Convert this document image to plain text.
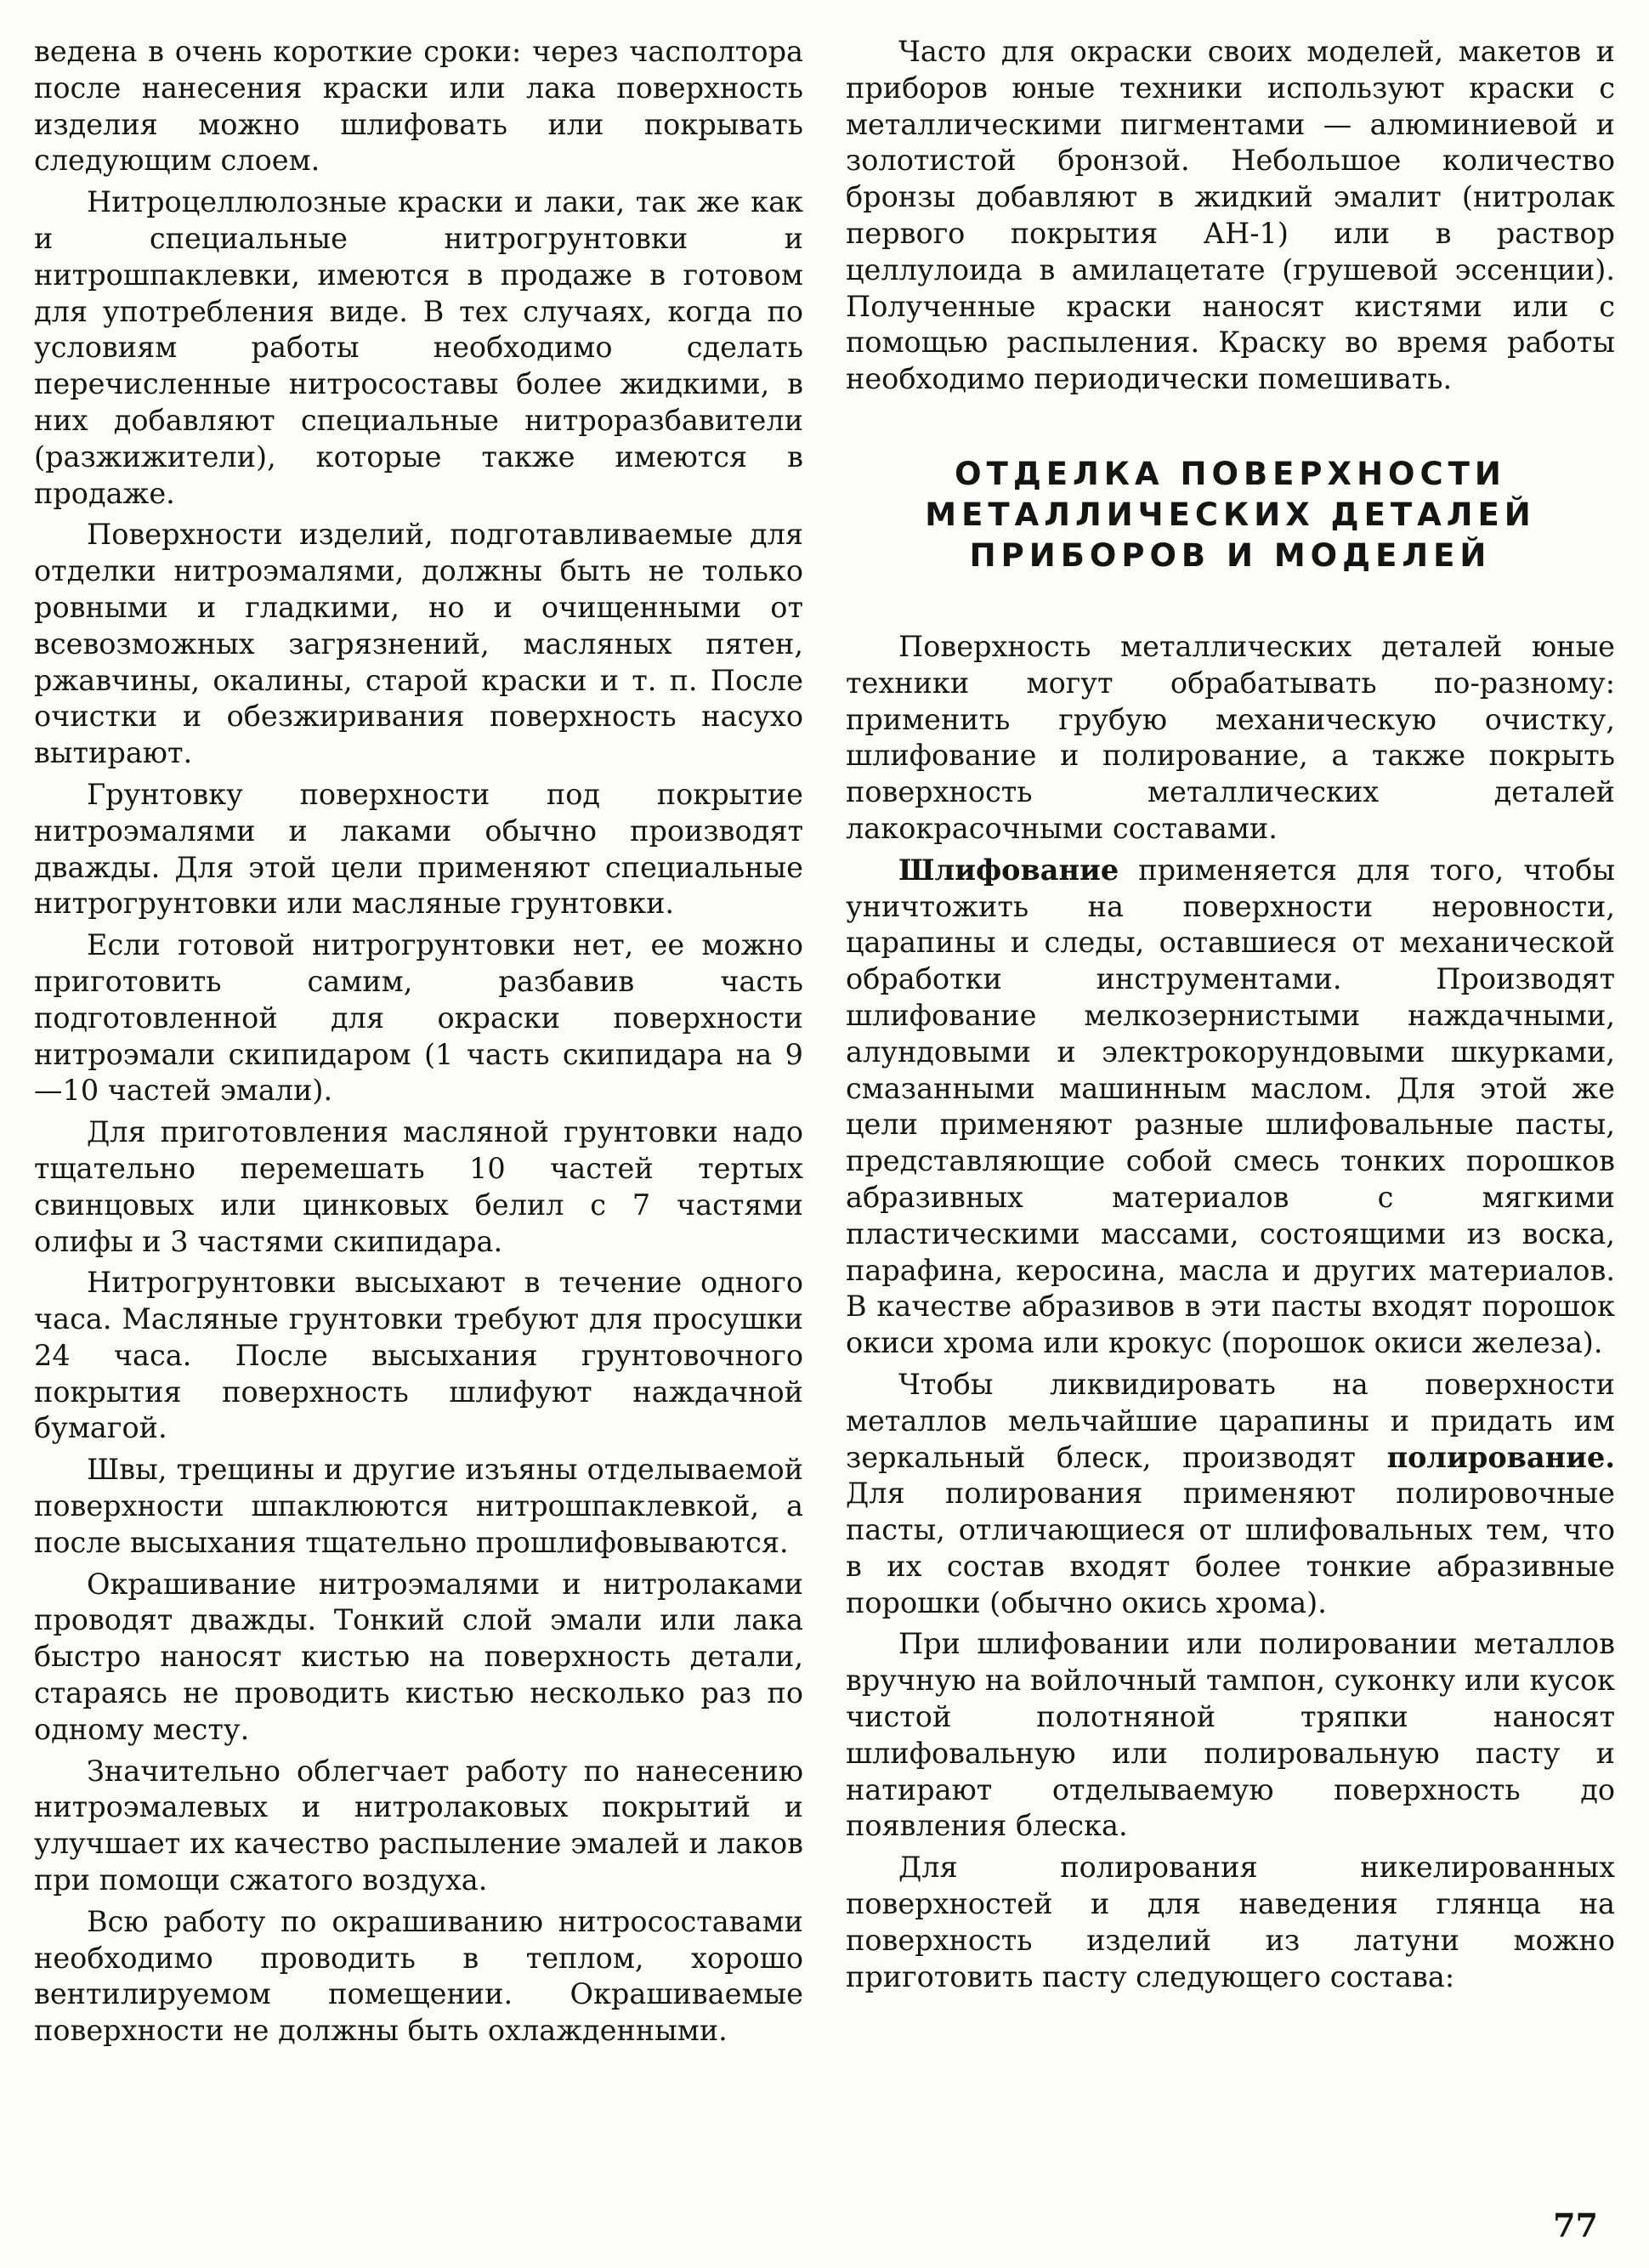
ведена в очень короткие сроки: через часполтора после нанесения краски или лака поверхность изделия можно шлифовать или покрывать следующим слоем.

Нитроцеллюлозные краски и лаки, так же как и специальные нитрогрунтовки и нитрошпаклевки, имеются в продаже в готовом для употребления виде. В тех случаях, когда по условиям работы необходимо сделать перечисленные нитросоставы более жидкими, в них добавляют специальные нитроразбавители (разжижители), которые также имеются в продаже.

Поверхности изделий, подготавливаемые для отделки нитроэмалями, должны быть не только ровными и гладкими, но и очищенными от всевозможных загрязнений, масляных пятен, ржавчины, окалины, старой краски и т. п. После очистки и обезжиривания поверхность насухо вытирают.

Грунтовку поверхности под покрытие нитроэмалями и лаками обычно производят дважды. Для этой цели применяют специальные нитрогрунтовки или масляные грунтовки.

Если готовой нитрогрунтовки нет, ее можно приготовить самим, разбавив часть подготовленной для окраски поверхности нитроэмали скипидаром (1 часть скипидара на 9—10 частей эмали).

Для приготовления масляной грунтовки надо тщательно перемешать 10 частей тертых свинцовых или цинковых белил с 7 частями олифы и 3 частями скипидара.

Нитрогрунтовки высыхают в течение одного часа. Масляные грунтовки требуют для просушки 24 часа. После высыхания грунтовочного покрытия поверхность шлифуют наждачной бумагой.

Швы, трещины и другие изъяны отделываемой поверхности шпаклюются нитрошпаклевкой, а после высыхания тщательно прошлифовываются.

Окрашивание нитроэмалями и нитролаками проводят дважды. Тонкий слой эмали или лака быстро наносят кистью на поверхность детали, стараясь не проводить кистью несколько раз по одному месту.

Значительно облегчает работу по нанесению нитроэмалевых и нитролаковых покрытий и улучшает их качество распыление эмалей и лаков при помощи сжатого воздуха.

Всю работу по окрашиванию нитросоставами необходимо проводить в теплом, хорошо вентилируемом помещении. Окрашиваемые поверхности не должны быть охлажденными.

Часто для окраски своих моделей, макетов и приборов юные техники используют краски с металлическими пигментами — алюминиевой и золотистой бронзой. Небольшое количество бронзы добавляют в жидкий эмалит (нитролак первого покрытия АН-1) или в раствор целлулоида в амилацетате (грушевой эссенции). Полученные краски наносят кистями или с помощью распыления. Краску во время работы необходимо периодически помешивать.

ОТДЕЛКА ПОВЕРХНОСТИ
МЕТАЛЛИЧЕСКИХ ДЕТАЛЕЙ
ПРИБОРОВ И МОДЕЛЕЙ

Поверхность металлических деталей юные техники могут обрабатывать по-разному: применить грубую механическую очистку, шлифование и полирование, а также покрыть поверхность металлических деталей лакокрасочными составами.

Шлифование применяется для того, чтобы уничтожить на поверхности неровности, царапины и следы, оставшиеся от механической обработки инструментами. Производят шлифование мелкозернистыми наждачными, алундовыми и электрокорундовыми шкурками, смазанными машинным маслом. Для этой же цели применяют разные шлифовальные пасты, представляющие собой смесь тонких порошков абразивных материалов с мягкими пластическими массами, состоящими из воска, парафина, керосина, масла и других материалов. В качестве абразивов в эти пасты входят порошок окиси хрома или крокус (порошок окиси железа).

Чтобы ликвидировать на поверхности металлов мельчайшие царапины и придать им зеркальный блеск, производят полирование. Для полирования применяют полировочные пасты, отличающиеся от шлифовальных тем, что в их состав входят более тонкие абразивные порошки (обычно окись хрома).

При шлифовании или полировании металлов вручную на войлочный тампон, суконку или кусок чистой полотняной тряпки наносят шлифовальную или полировальную пасту и натирают отделываемую поверхность до появления блеска.

Для полирования никелированных поверхностей и для наведения глянца на поверхность изделий из латуни можно приготовить пасту следующего состава:

77
